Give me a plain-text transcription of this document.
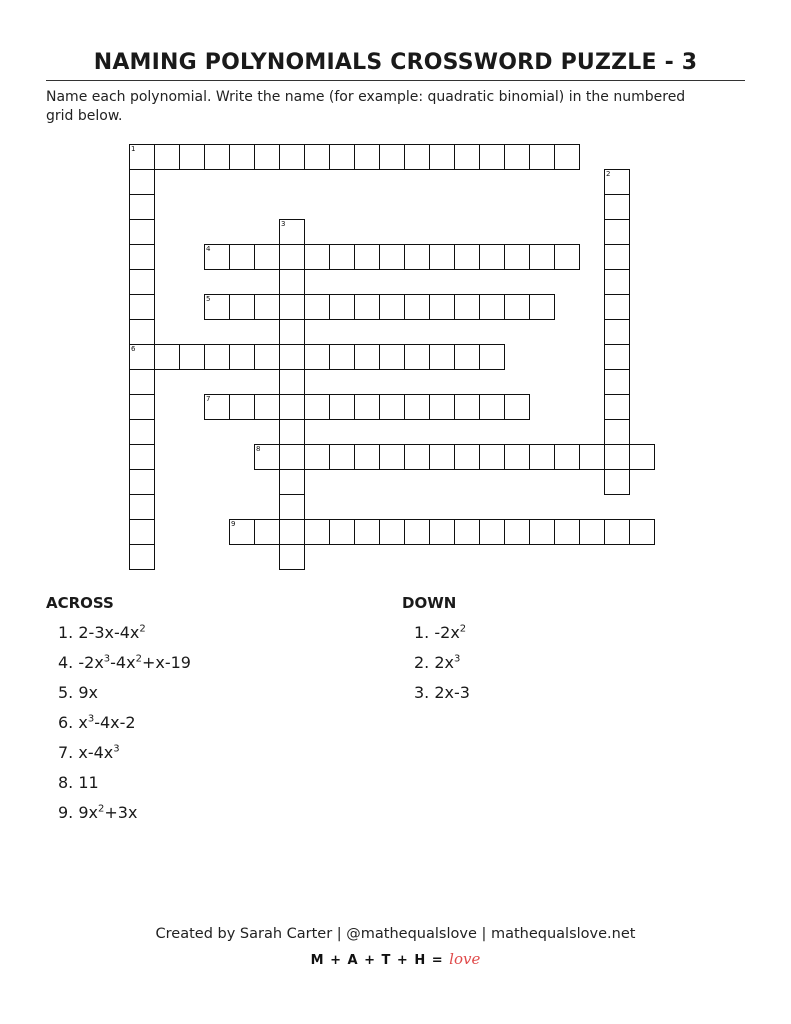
NAMING POLYNOMIALS CROSSWORD PUZZLE - 3
Name each polynomial. Write the name (for example: quadratic binomial) in the numbered grid below.
1
6
2
3
4
5
7
8
9
ACROSS	DOWN
1. $2-3x-4x^2$
4. $-2x^3-4x^2+x-19$
5. 9x
6. $x^3-4x-2$
7. $x-4x^3$
8. 11
9. $9x^2+3x$
1. $-2x^2$
2. $2x^3$
3. 2x-3
Created by Sarah Carter | @mathequalslove | mathequalslove.net
M + A + T + H = love
